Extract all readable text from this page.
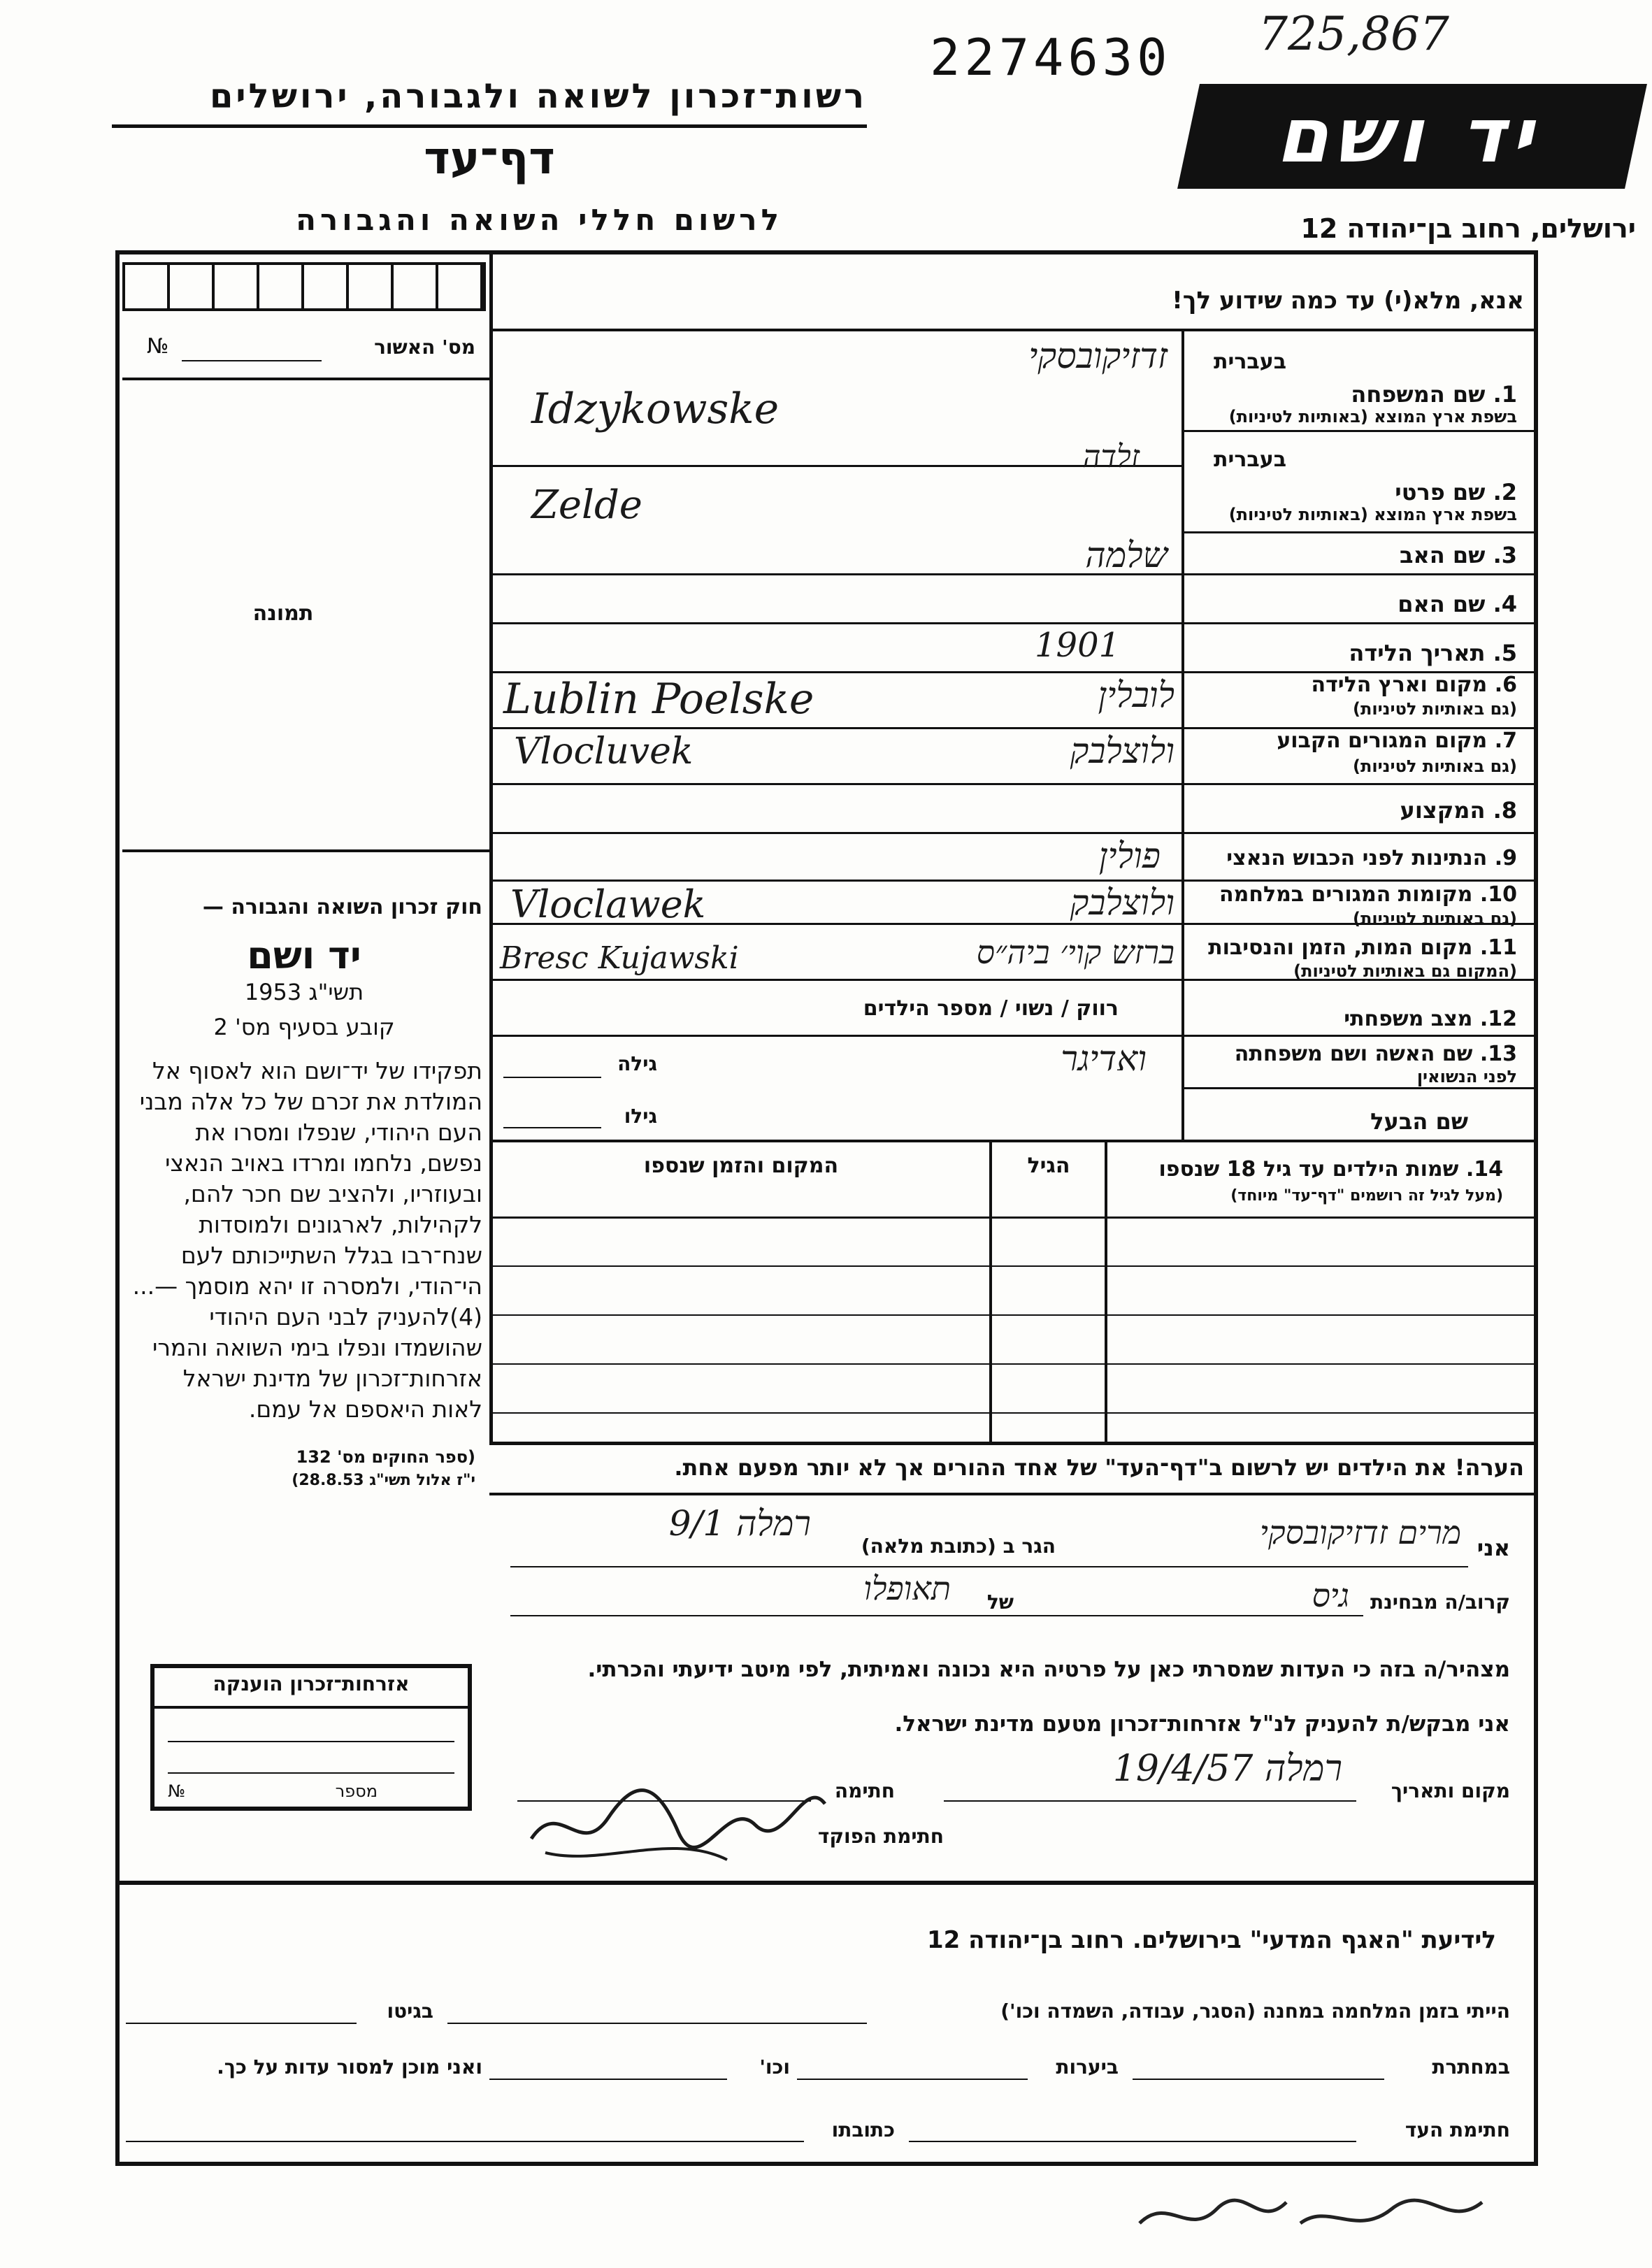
2274630 725,867
רשות־זכרון לשואה ולגבורה, ירושלים
דף־עד
לרשום חללי השואה והגבורה
יד ושם
ירושלים, רחוב בן־יהודה 12
מס' האשור
№
תמונה
חוק זכרון השואה והגבורה —
יד ושם
תשי"ג 1953
קובע בסעיף מס' 2
תפקידו של יד־ושם הוא לאסוף אל המולדת את זכרם של כל אלה מבני העם היהודי, שנפלו ומסרו את נפשם, נלחמו ומרדו באויב הנאצי ובעוזריו, ולהציב שם חכר להם, לקהילות, לארגונים ולמוסדות שנח־רבו בגלל השתייכותם לעם הי־הודי, ולמסרה זו יהא מוסמך —...(4)להעניק לבני העם היהודי שהושמדו ונפלו בימי השואה והמרי אזרחות־זכרון של מדינת ישראל לאות היאספם אל עמם.
(ספר החוקים מס' 132
י"ז אלול תשי"ג 28.8.53)
אזרחות־זכרון הוענקה
מספר
№
אנא, מלא(י) עד כמה שידוע לך!
בעברית
1. שם המשפחה
בשפת ארץ המוצא (באותיות לטיניות)
זדזיקובסקי
Idzykowske
בעברית
2. שם פרטי
בשפת ארץ המוצא (באותיות לטיניות)
זלדה
Zelde
3. שם האב
שלמה
4. שם האם
5. תאריך הלידה
1901
6. מקום וארץ הלידה
(גם באותיות לטיניות)
לובלין
Lublin Poelske
7. מקום המגורים הקבוע
(גם באותיות לטיניות)
ולוצלבק
Vlocluvek
8. המקצוע
9. הנתינות לפני הכבוש הנאצי
פולין
10. מקומות המגורים במלחמה
(גם באותיות לטיניות)
ולוצלבק
Vloclawek
11. מקום המות, הזמן והנסיבות
(המקום גם באותיות לטיניות)
ברזש קוי׳ ביה״ס
Bresc Kujawski
12. מצב משפחתי
רווק / נשוי / מספר הילדים
13. שם האשה ושם משפחתה
לפני הנשואין
ואדיגר
גילה
גילו	שם הבעל
14. שמות הילדים עד גיל 18 שנספו
(מעל לגיל זה רושמים "דף־עד" מיוחד)
הגיל
המקום והזמן שנספו
הערה! את הילדים יש לרשום ב"דף־העד" של אחד ההורים אך לא יותר מפעם אחת.
אני
מרים זדזיקובסקי
הגר ב (כתובת מלאה)
רמלה 9/1
קרוב/ה מבחינת
גיס
של
תאופלו
מצהיר/ה בזה כי העדות שמסרתי כאן על פרטיה היא נכונה ואמיתית, לפי מיטב ידיעתי והכרתי.
אני מבקש/ת להעניק לנ"ל אזרחות־זכרון מטעם מדינת ישראל.
מקום ותאריך
רמלה 19/4/57
חתימה
חתימת הפוקד
לידיעת "האגף המדעי" בירושלים. רחוב בן־יהודה 12
הייתי בזמן המלחמה במחנה (הסגר, עבודה, השמדה וכו')
בגיטו
במחתרת
ביערות
וכו'
ואני מוכן למסור עדות על כך.
חתימת העד
כתובתו
